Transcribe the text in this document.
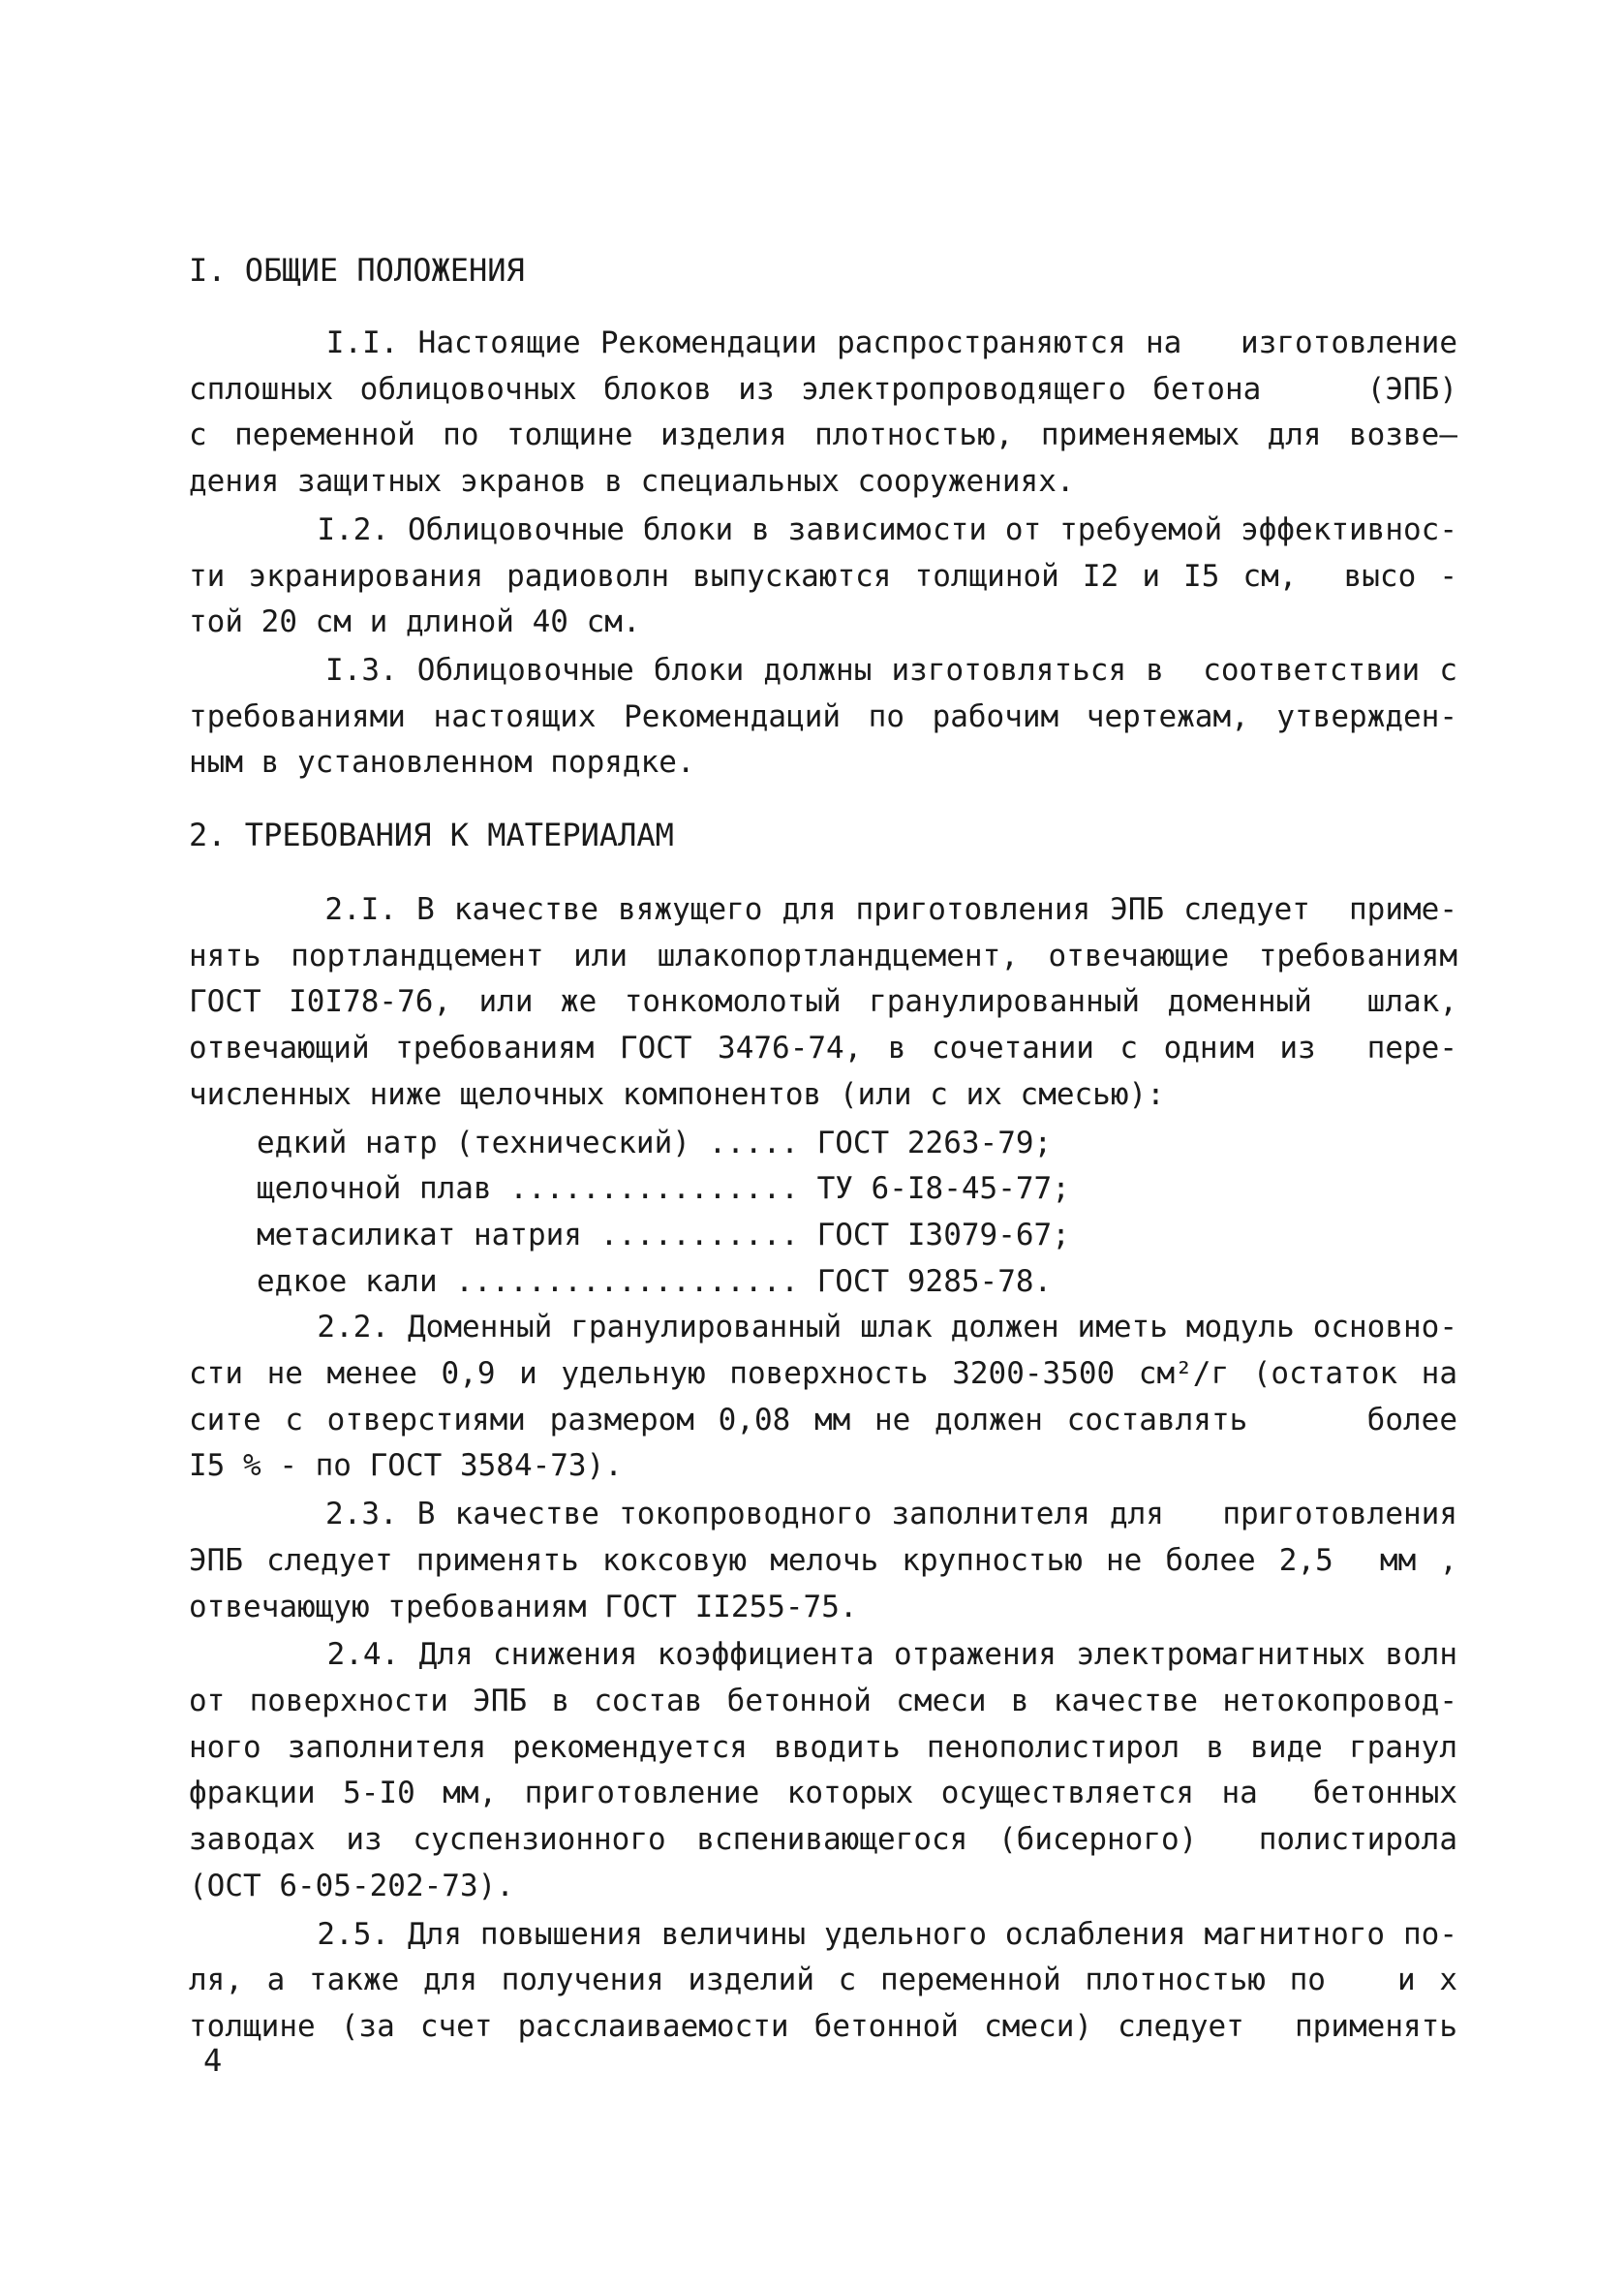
I. ОБЩИЕ ПОЛОЖЕНИЯ
I.I. Настоящие Рекомендации распространяются на   изготовление
сплошных облицовочных блоков из электропроводящего бетона    (ЭПБ)
с переменной по толщине изделия плотностью, применяемых для возве—
дения защитных экранов в специальных сооружениях.
I.2. Облицовочные блоки в зависимости от требуемой эффективнос-
ти экранирования радиоволн выпускаются толщиной I2 и I5 см,  высо -
той 20 см и длиной 40 см.
I.3. Облицовочные блоки должны изготовляться в  соответствии с
требованиями настоящих Рекомендаций по рабочим чертежам, утвержден-
ным в установленном порядке.
2. ТРЕБОВАНИЯ К МАТЕРИАЛАМ
2.I. В качестве вяжущего для приготовления ЭПБ следует  приме-
нять портландцемент или шлакопортландцемент, отвечающие требованиям
ГОСТ I0I78-76, или же тонкомолотый гранулированный доменный  шлак,
отвечающий требованиям ГОСТ 3476-74, в сочетании с одним из  пере-
численных ниже щелочных компонентов (или с их смесью):
едкий натр (технический) ..... ГОСТ 2263-79;
щелочной плав ................ ТУ 6-I8-45-77;
метасиликат натрия ........... ГОСТ I3079-67;
едкое кали ................... ГОСТ 9285-78.
2.2. Доменный гранулированный шлак должен иметь модуль основно-
сти не менее 0,9 и удельную поверхность 3200-3500 см²/г (остаток на
сите с отверстиями размером 0,08 мм не должен составлять     более
I5 % - по ГОСТ 3584-73).
2.3. В качестве токопроводного заполнителя для   приготовления
ЭПБ следует применять коксовую мелочь крупностью не более 2,5  мм ,
отвечающую требованиям ГОСТ II255-75.
2.4. Для снижения коэффициента отражения электромагнитных волн
от поверхности ЭПБ в состав бетонной смеси в качестве нетокопровод-
ного заполнителя рекомендуется вводить пенополистирол в виде гранул
фракции 5-I0 мм, приготовление которых осуществляется на  бетонных
заводах из суспензионного вспенивающегося (бисерного)  полистирола
(ОСТ 6-05-202-73).
2.5. Для повышения величины удельного ослабления магнитного по-
ля, а также для получения изделий с переменной плотностью по   и х
толщине (за счет расслаиваемости бетонной смеси) следует  применять
4
